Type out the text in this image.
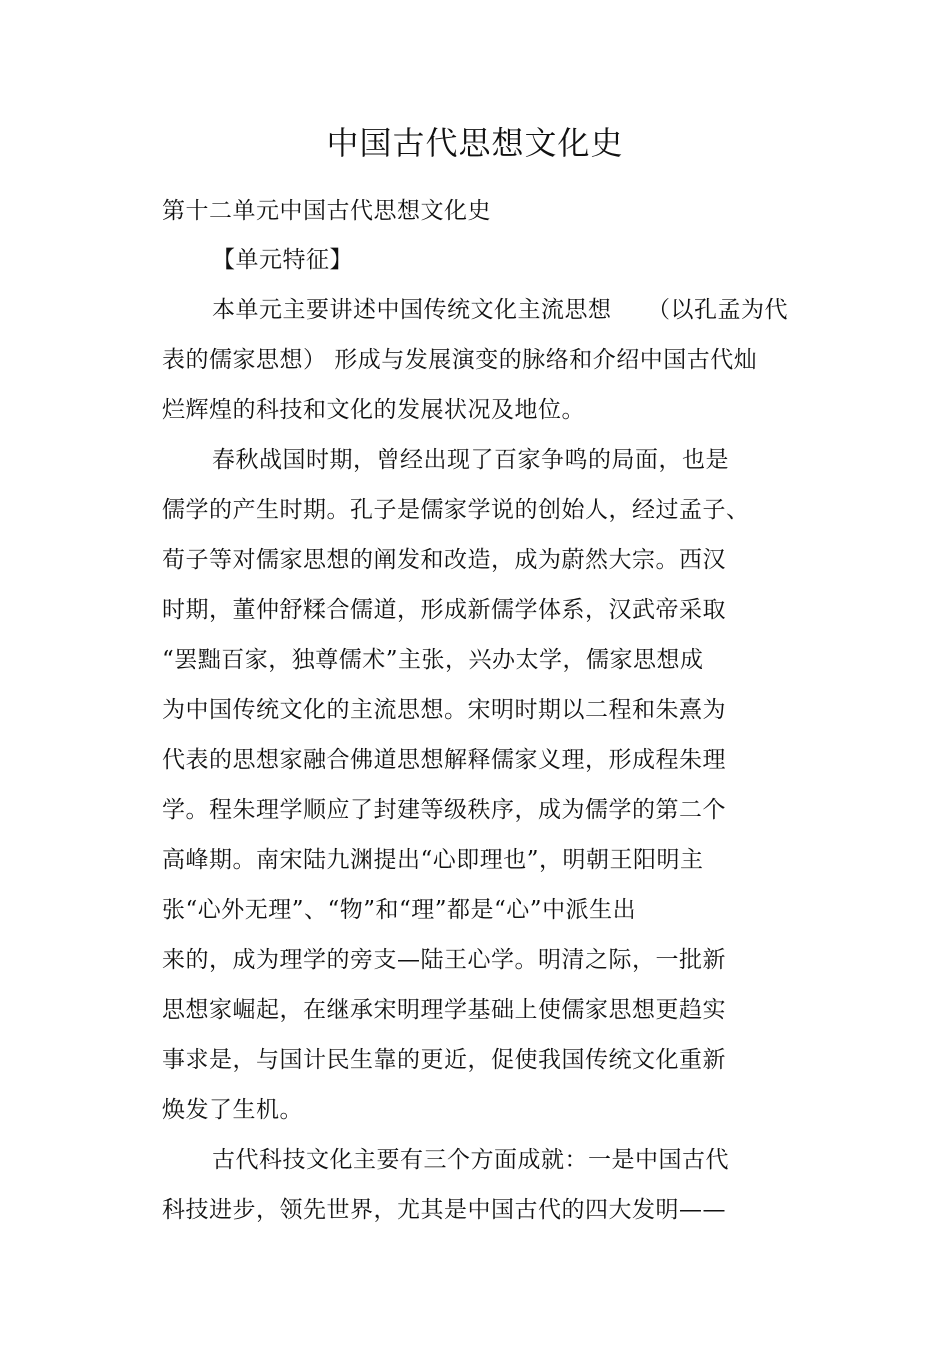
中国古代思想文化史
第十二单元中国古代思想文化史
【单元特征】
本单元主要讲述中国传统文化主流思想　　（以孔孟为代
表的儒家思想） 形成与发展演变的脉络和介绍中国古代灿
烂辉煌的科技和文化的发展状况及地位。
春秋战国时期，曾经出现了百家争鸣的局面，也是
儒学的产生时期。孔子是儒家学说的创始人，经过孟子、
荀子等对儒家思想的阐发和改造，成为蔚然大宗。西汉
时期，董仲舒糅合儒道，形成新儒学体系，汉武帝采取
“罢黜百家，独尊儒术”主张，兴办太学，儒家思想成
为中国传统文化的主流思想。宋明时期以二程和朱熹为
代表的思想家融合佛道思想解释儒家义理，形成程朱理
学。程朱理学顺应了封建等级秩序，成为儒学的第二个
高峰期。南宋陆九渊提出“心即理也”，明朝王阳明主
张“心外无理”、“物”和“理”都是“心”中派生出
来的，成为理学的旁支—陆王心学。明清之际，一批新
思想家崛起，在继承宋明理学基础上使儒家思想更趋实
事求是，与国计民生靠的更近，促使我国传统文化重新
焕发了生机。
古代科技文化主要有三个方面成就：一是中国古代
科技进步，领先世界，尤其是中国古代的四大发明——
